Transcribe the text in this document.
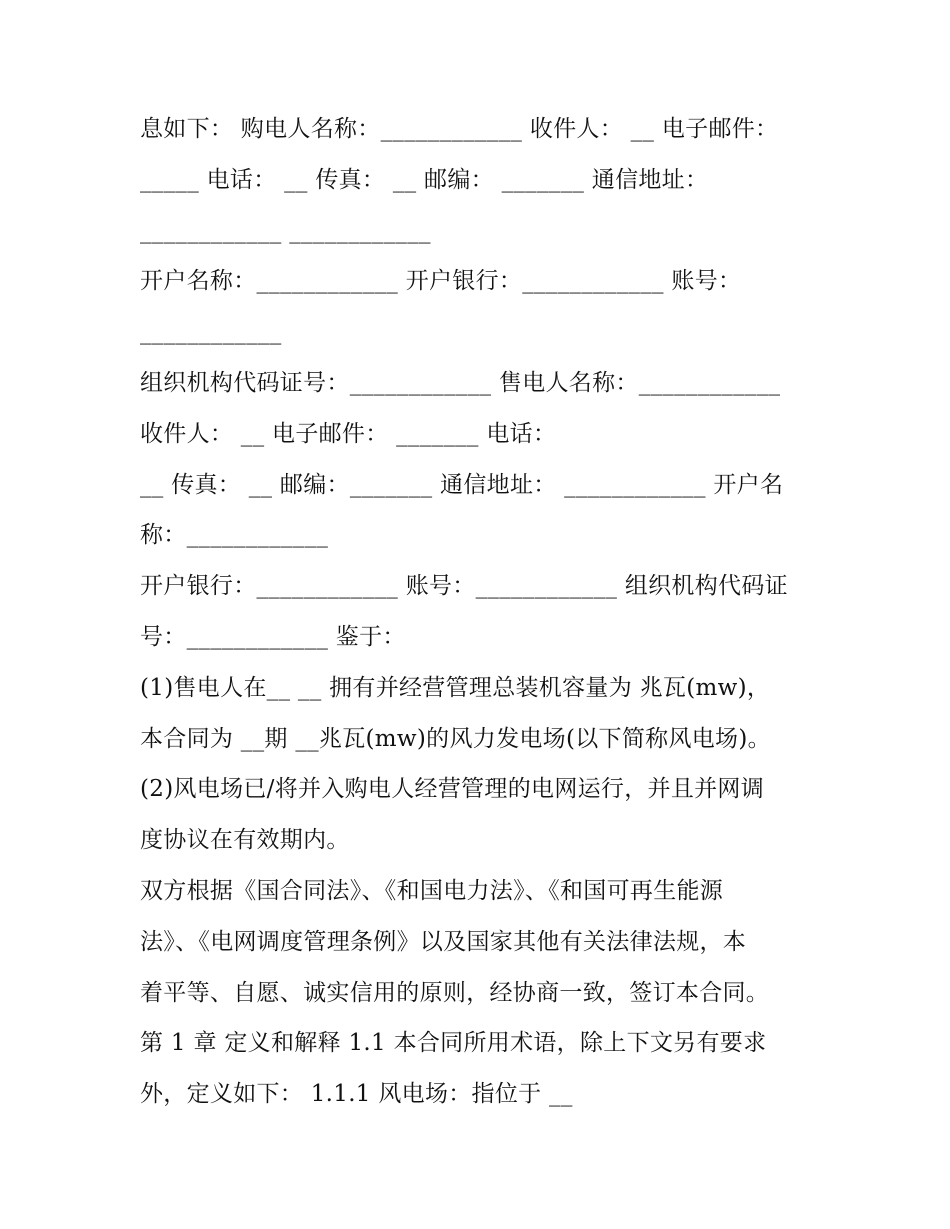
息如下： 购电人名称：____________ 收件人： __ 电子邮件：
_____ 电话： __ 传真： __ 邮编： _______ 通信地址：
____________ ____________
开户名称：____________ 开户银行：____________ 账号：
____________
组织机构代码证号：____________ 售电人名称：____________
收件人： __ 电子邮件： _______ 电话：
__ 传真： __ 邮编：_______ 通信地址： ____________ 开户名
称：____________
开户银行：____________ 账号：____________ 组织机构代码证
号：____________ 鉴于：
(1)售电人在__ __ 拥有并经营管理总装机容量为 兆瓦(mw)，
本合同为 __期 __兆瓦(mw)的风力发电场(以下简称风电场)。
(2)风电场已/将并入购电人经营管理的电网运行，并且并网调
度协议在有效期内。
双方根据《国合同法》、《和国电力法》、《和国可再生能源
法》、《电网调度管理条例》以及国家其他有关法律法规，本
着平等、自愿、诚实信用的原则，经协商一致，签订本合同。
第 1 章 定义和解释 1.1 本合同所用术语，除上下文另有要求
外，定义如下： 1.1.1 风电场：指位于 __
